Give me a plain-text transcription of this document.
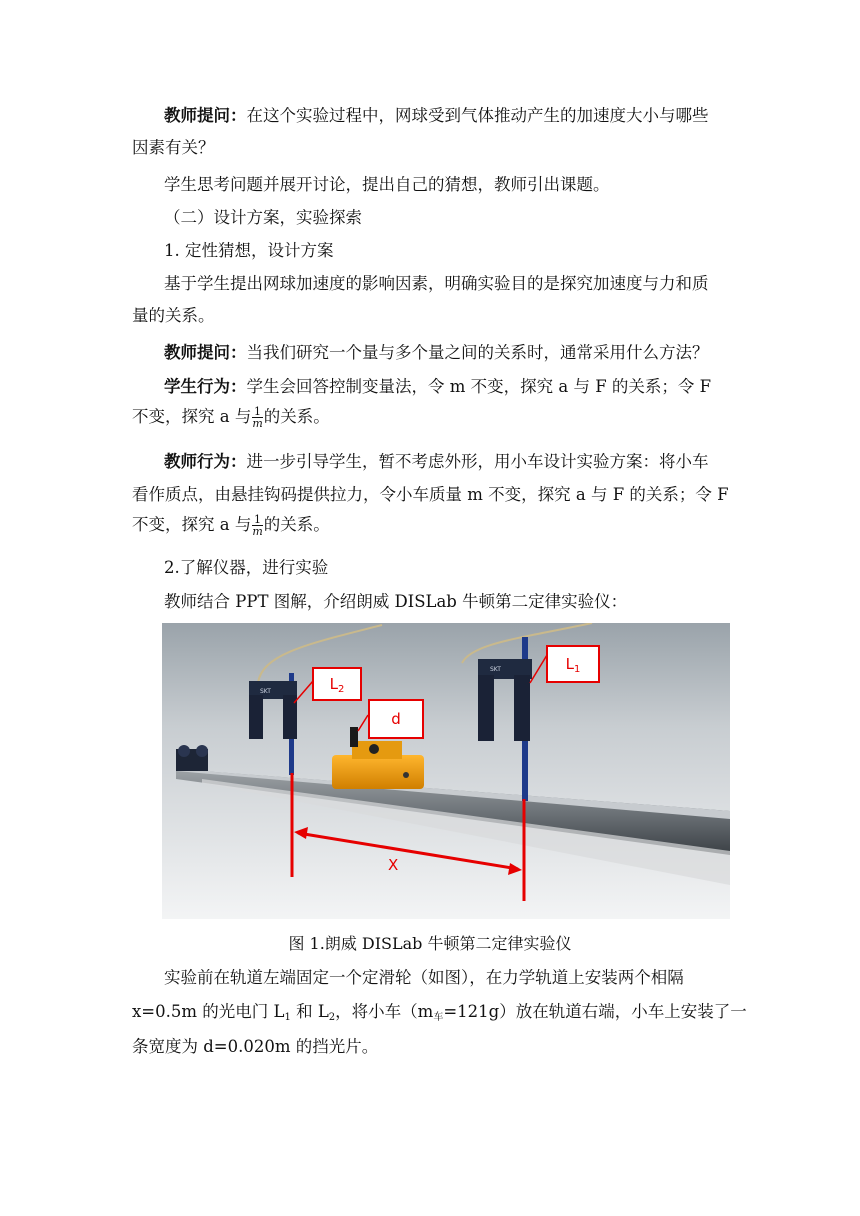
教师提问：在这个实验过程中，网球受到气体推动产生的加速度大小与哪些
因素有关？
学生思考问题并展开讨论，提出自己的猜想，教师引出课题。
（二）设计方案，实验探索
1. 定性猜想，设计方案
基于学生提出网球加速度的影响因素，明确实验目的是探究加速度与力和质
量的关系。
教师提问：当我们研究一个量与多个量之间的关系时，通常采用什么方法？
学生行为：学生会回答控制变量法，令 m 不变，探究 a 与 F 的关系；令 F
不变，探究 a 与 $\frac{1}{m}$ 的关系。
教师行为：进一步引导学生，暂不考虑外形，用小车设计实验方案：将小车
看作质点，由悬挂钩码提供拉力，令小车质量 m 不变，探究 a 与 F 的关系；令 F
不变，探究 a 与 $\frac{1}{m}$ 的关系。
2.了解仪器，进行实验
教师结合 PPT 图解，介绍朗威 DISLab 牛顿第二定律实验仪：
SKT
SKT
$L_2$
$L_1$
d
X
图 1.朗威 DISLab 牛顿第二定律实验仪
实验前在轨道左端固定一个定滑轮（如图），在力学轨道上安装两个相隔
x=0.5m 的光电门 $L_1$ 和 $L_2$，将小车$(m_车=121g)$放在轨道右端，小车上安装了一
条宽度为 d=0.020m 的挡光片。
